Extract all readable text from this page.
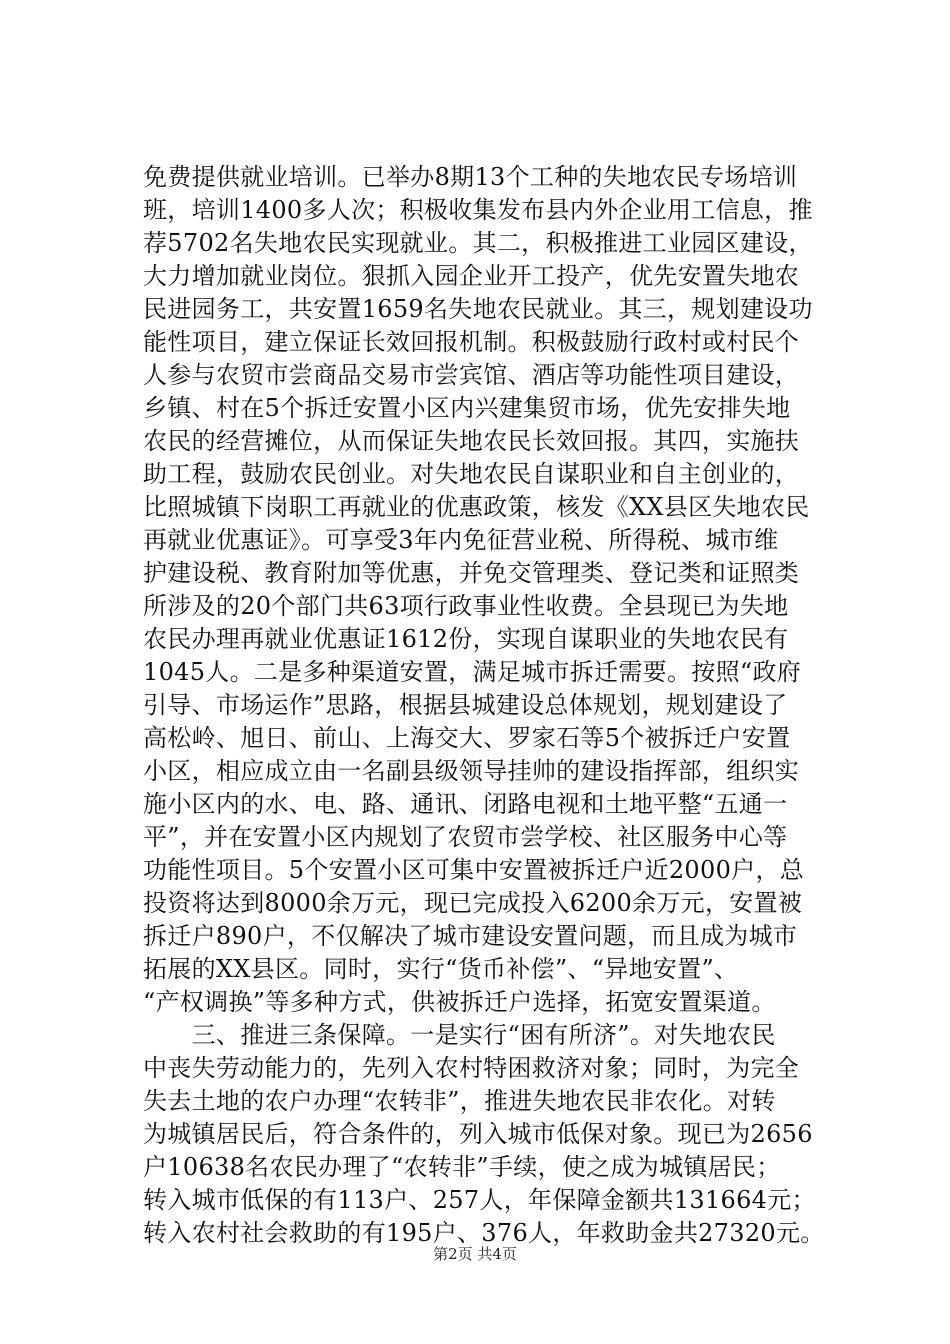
免费提供就业培训。已举办8期13个工种的失地农民专场培训
班，培训1400多人次；积极收集发布县内外企业用工信息，推
荐5702名失地农民实现就业。其二，积极推进工业园区建设，
大力增加就业岗位。狠抓入园企业开工投产，优先安置失地农
民进园务工，共安置1659名失地农民就业。其三，规划建设功
能性项目，建立保证长效回报机制。积极鼓励行政村或村民个
人参与农贸市尝商品交易市尝宾馆、酒店等功能性项目建设，
乡镇、村在5个拆迁安置小区内兴建集贸市场，优先安排失地
农民的经营摊位，从而保证失地农民长效回报。其四，实施扶
助工程，鼓励农民创业。对失地农民自谋职业和自主创业的，
比照城镇下岗职工再就业的优惠政策，核发《XX县区失地农民
再就业优惠证》。可享受3年内免征营业税、所得税、城市维
护建设税、教育附加等优惠，并免交管理类、登记类和证照类
所涉及的20个部门共63项行政事业性收费。全县现已为失地
农民办理再就业优惠证1612份，实现自谋职业的失地农民有
1045人。二是多种渠道安置，满足城市拆迁需要。按照“政府
引导、市场运作”思路，根据县城建设总体规划，规划建设了
高松岭、旭日、前山、上海交大、罗家石等5个被拆迁户安置
小区，相应成立由一名副县级领导挂帅的建设指挥部，组织实
施小区内的水、电、路、通讯、闭路电视和土地平整“五通一
平”，并在安置小区内规划了农贸市尝学校、社区服务中心等
功能性项目。5个安置小区可集中安置被拆迁户近2000户，总
投资将达到8000余万元，现已完成投入6200余万元，安置被
拆迁户890户，不仅解决了城市建设安置问题，而且成为城市
拓展的XX县区。同时，实行“货币补偿”、“异地安置”、
“产权调换”等多种方式，供被拆迁户选择，拓宽安置渠道。
　　三、推进三条保障。一是实行“困有所济”。对失地农民
中丧失劳动能力的，先列入农村特困救济对象；同时，为完全
失去土地的农户办理“农转非”，推进失地农民非农化。对转
为城镇居民后，符合条件的，列入城市低保对象。现已为2656
户10638名农民办理了“农转非”手续，使之成为城镇居民；
转入城市低保的有113户、257人，年保障金额共131664元；
转入农村社会救助的有195户、376人，年救助金共27320元。
第2页 共4页
